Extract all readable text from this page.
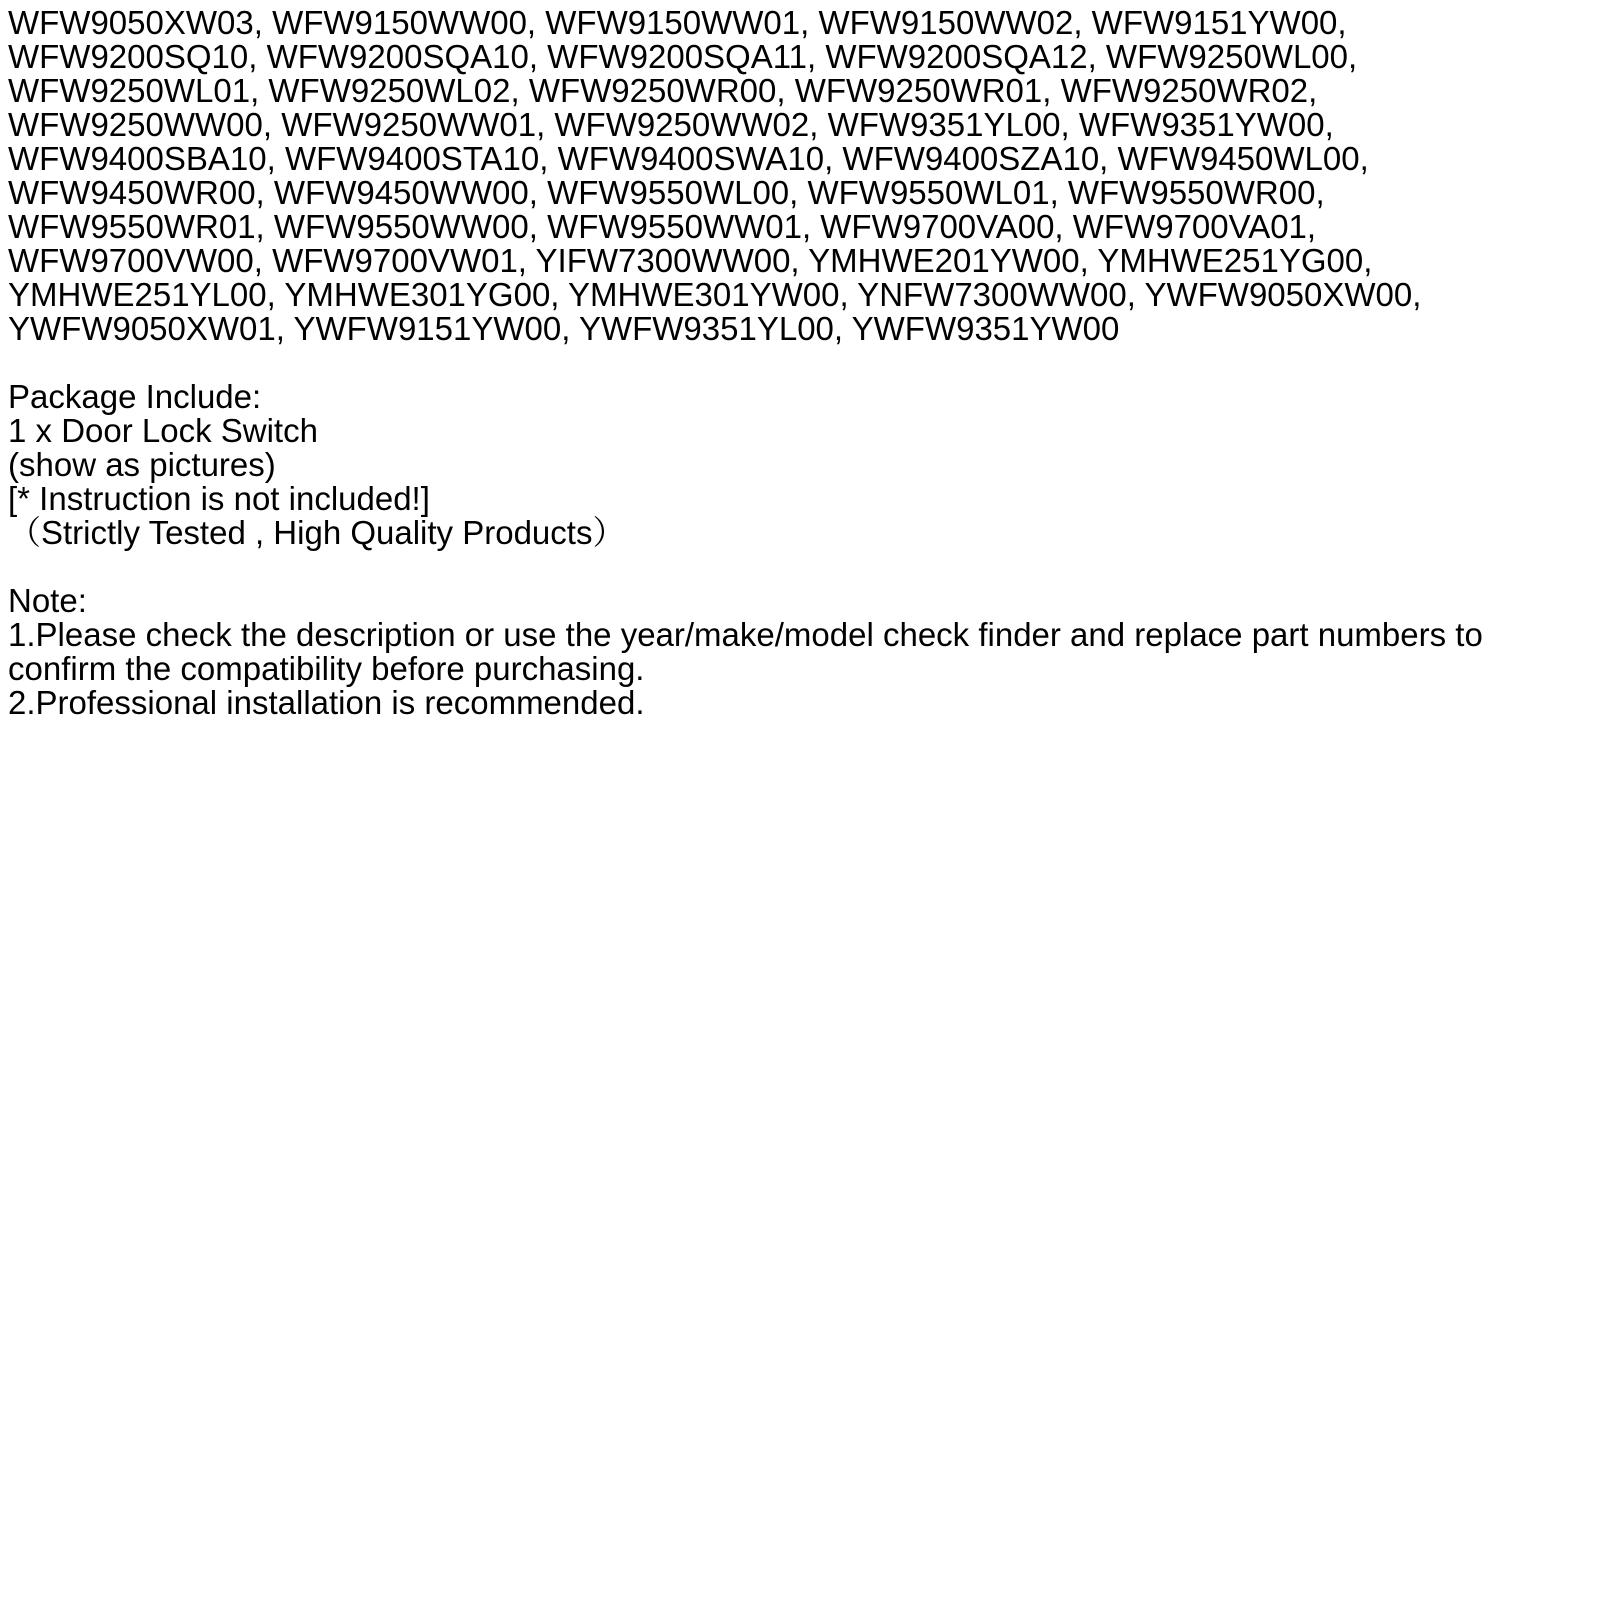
WFW9050XW03, WFW9150WW00, WFW9150WW01, WFW9150WW02, WFW9151YW00,
WFW9200SQ10, WFW9200SQA10, WFW9200SQA11, WFW9200SQA12, WFW9250WL00,
WFW9250WL01, WFW9250WL02, WFW9250WR00, WFW9250WR01, WFW9250WR02,
WFW9250WW00, WFW9250WW01, WFW9250WW02, WFW9351YL00, WFW9351YW00,
WFW9400SBA10, WFW9400STA10, WFW9400SWA10, WFW9400SZA10, WFW9450WL00,
WFW9450WR00, WFW9450WW00, WFW9550WL00, WFW9550WL01, WFW9550WR00,
WFW9550WR01, WFW9550WW00, WFW9550WW01, WFW9700VA00, WFW9700VA01,
WFW9700VW00, WFW9700VW01, YIFW7300WW00, YMHWE201YW00, YMHWE251YG00,
YMHWE251YL00, YMHWE301YG00, YMHWE301YW00, YNFW7300WW00, YWFW9050XW00,
YWFW9050XW01, YWFW9151YW00, YWFW9351YL00, YWFW9351YW00
Package Include:
1 x Door Lock Switch
(show as pictures)
[* Instruction is not included!]
（Strictly Tested , High Quality Products）
Note:
1.Please check the description or use the year/make/model check finder and replace part numbers to
confirm the compatibility before purchasing.
2.Professional installation is recommended.
